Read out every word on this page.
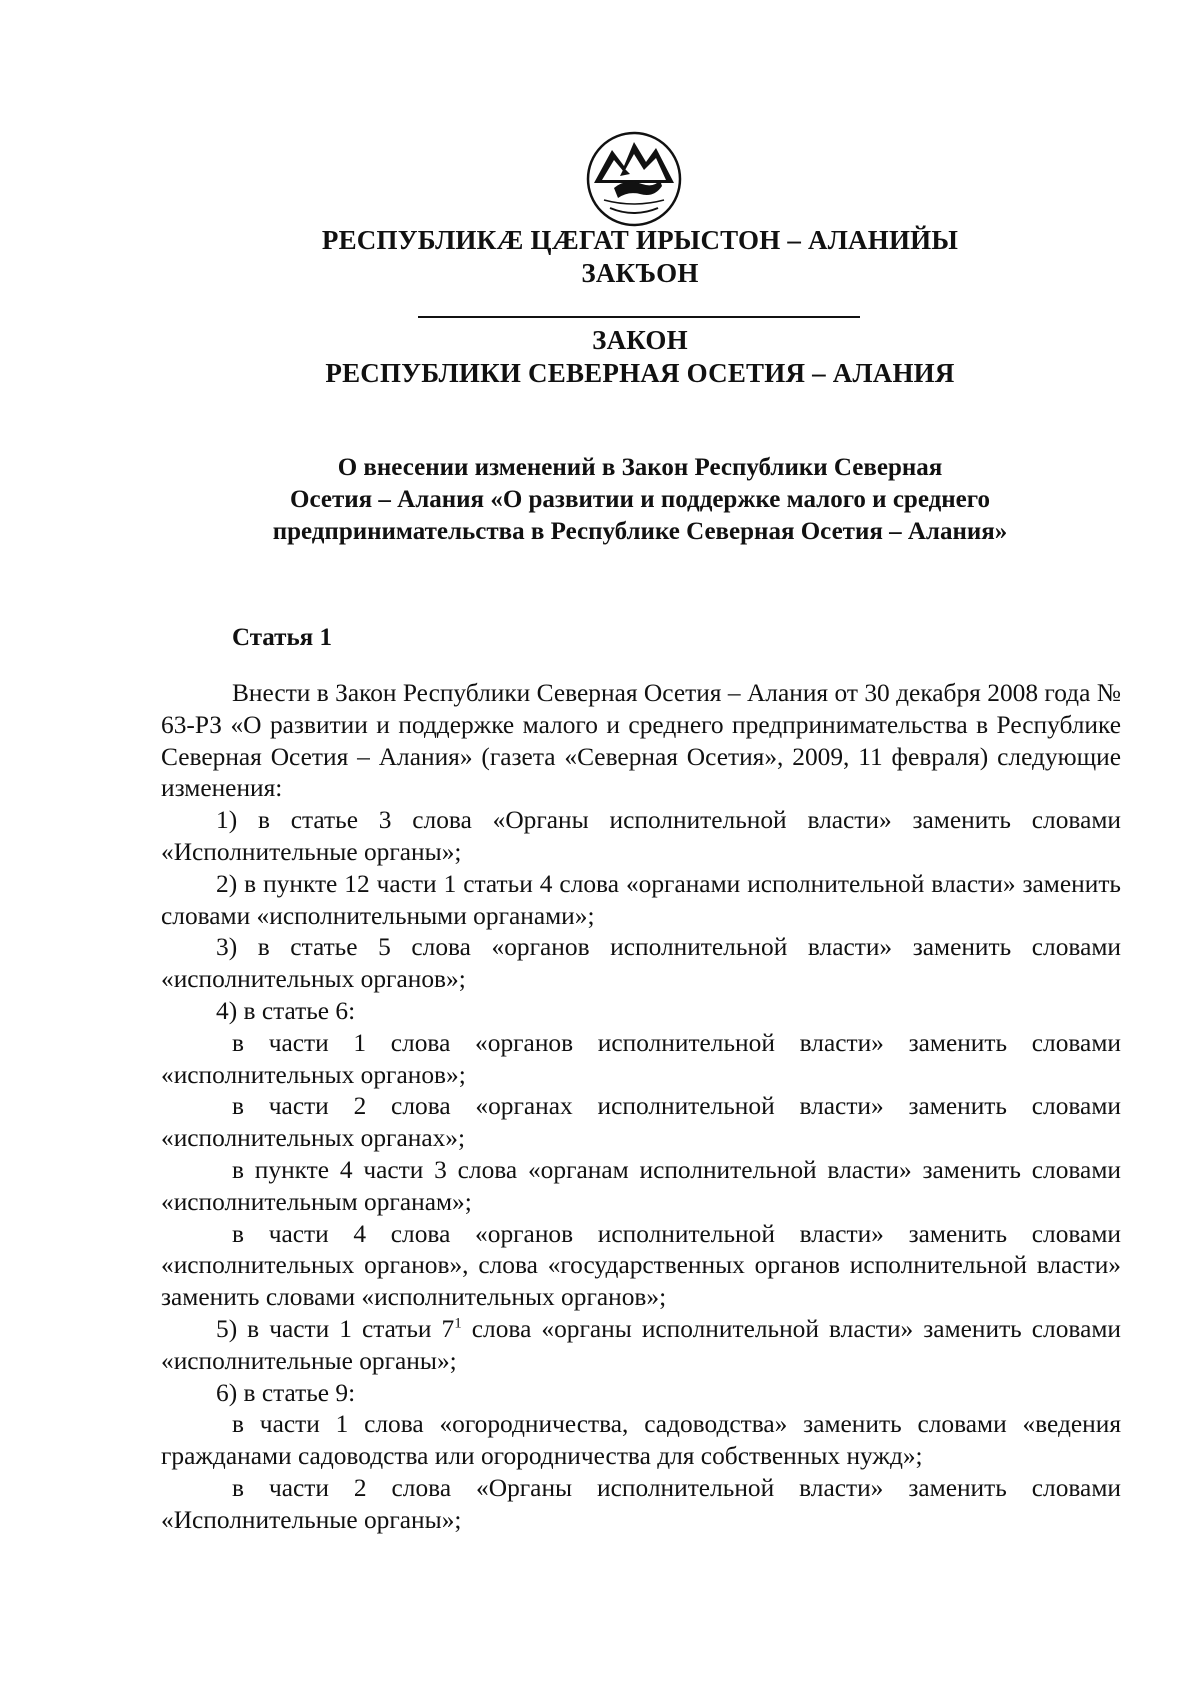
РЕСПУБЛИКӔ ЦӔГАТ ИРЫСТОН – АЛАНИЙЫ
ЗАКЪОН
ЗАКОН
РЕСПУБЛИКИ СЕВЕРНАЯ ОСЕТИЯ – АЛАНИЯ
О внесении изменений в Закон Республики Северная
Осетия – Алания «О развитии и поддержке малого и среднего
предпринимательства в Республике Северная Осетия – Алания»
Статья 1

Внести в Закон Республики Северная Осетия – Алания от 30 декабря 2008 года № 63-РЗ «О развитии и поддержке малого и среднего предпринимательства в Республике Северная Осетия – Алания» (газета «Северная Осетия», 2009, 11 февраля) следующие изменения:

1) в статье 3 слова «Органы исполнительной власти» заменить словами «Исполнительные органы»;

2) в пункте 12 части 1 статьи 4 слова «органами исполнительной власти» заменить словами «исполнительными органами»;

3) в статье 5 слова «органов исполнительной власти» заменить словами «исполнительных органов»;

4) в статье 6:

в части 1 слова «органов исполнительной власти» заменить словами «исполнительных органов»;

в части 2 слова «органах исполнительной власти» заменить словами «исполнительных органах»;

в пункте 4 части 3 слова «органам исполнительной власти» заменить словами «исполнительным органам»;

в части 4 слова «органов исполнительной власти» заменить словами «исполнительных органов», слова «государственных органов исполнительной власти» заменить словами «исполнительных органов»;

5) в части 1 статьи $7^1$ слова «органы исполнительной власти» заменить словами «исполнительные органы»;

6) в статье 9:

в части 1 слова «огородничества, садоводства» заменить словами «ведения гражданами садоводства или огородничества для собственных нужд»;

в части 2 слова «Органы исполнительной власти» заменить словами «Исполнительные органы»;
